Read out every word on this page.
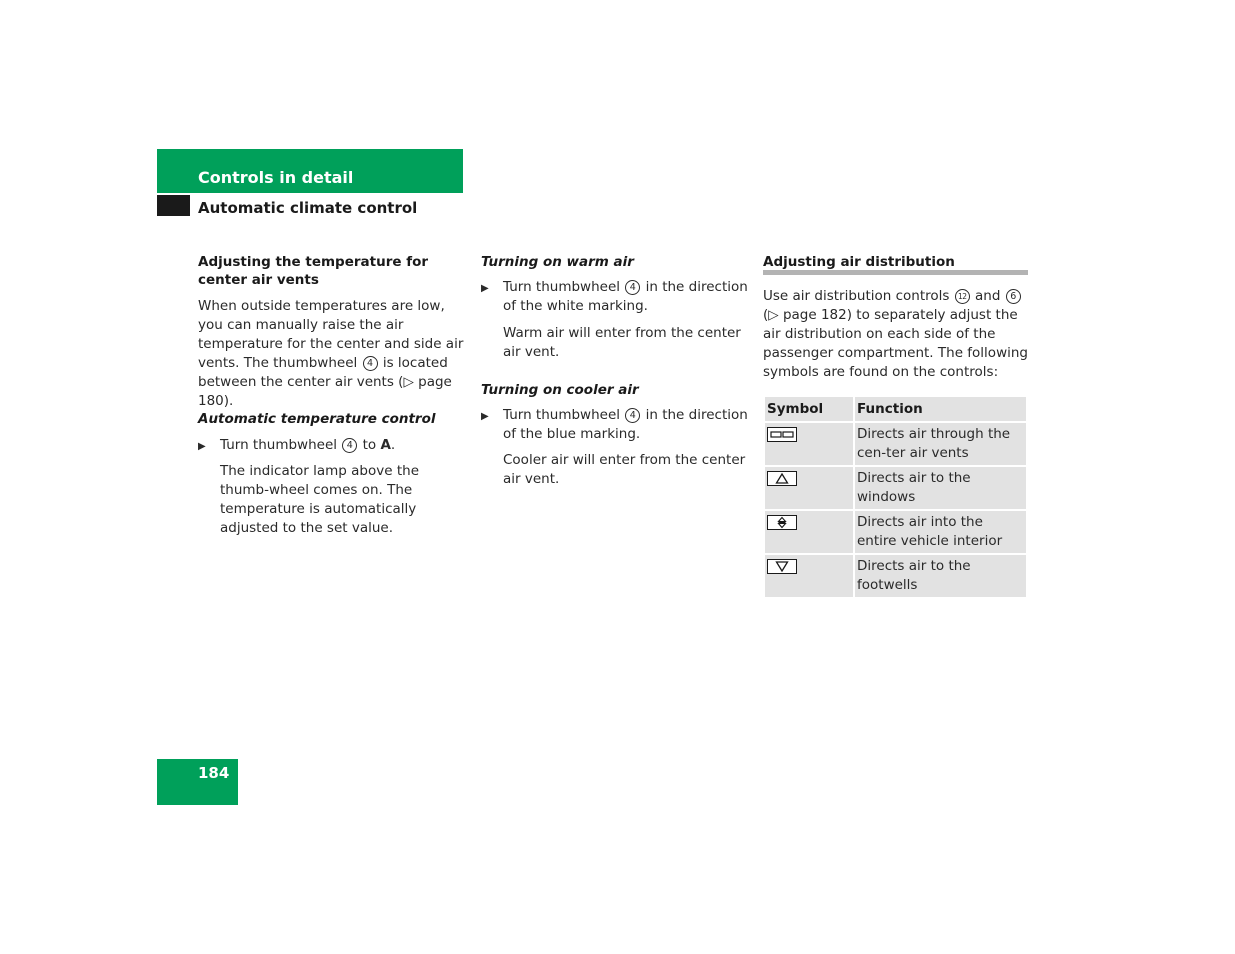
Controls in detail
Automatic climate control
Adjusting the temperature for center air vents
When outside temperatures are low, you can manually raise the air temperature for the center and side air vents. The thumbwheel 4 is located between the center air vents (▷ page 180).
Automatic temperature control
▶ Turn thumbwheel 4 to A.
The indicator lamp above the thumb-wheel comes on. The temperature is automatically adjusted to the set value.
Turning on warm air
▶ Turn thumbwheel 4 in the direction of the white marking.
Warm air will enter from the center air vent.
Turning on cooler air
▶ Turn thumbwheel 4 in the direction of the blue marking.
Cooler air will enter from the center air vent.
Adjusting air distribution
Use air distribution controls 12 and 6 (▷ page 182) to separately adjust the air distribution on each side of the passenger compartment. The following symbols are found on the controls:
Symbol	Function

	Directs air through the cen-ter air vents

	Directs air to the windows

	Directs air into the entire vehicle interior

	Directs air to the footwells
184
